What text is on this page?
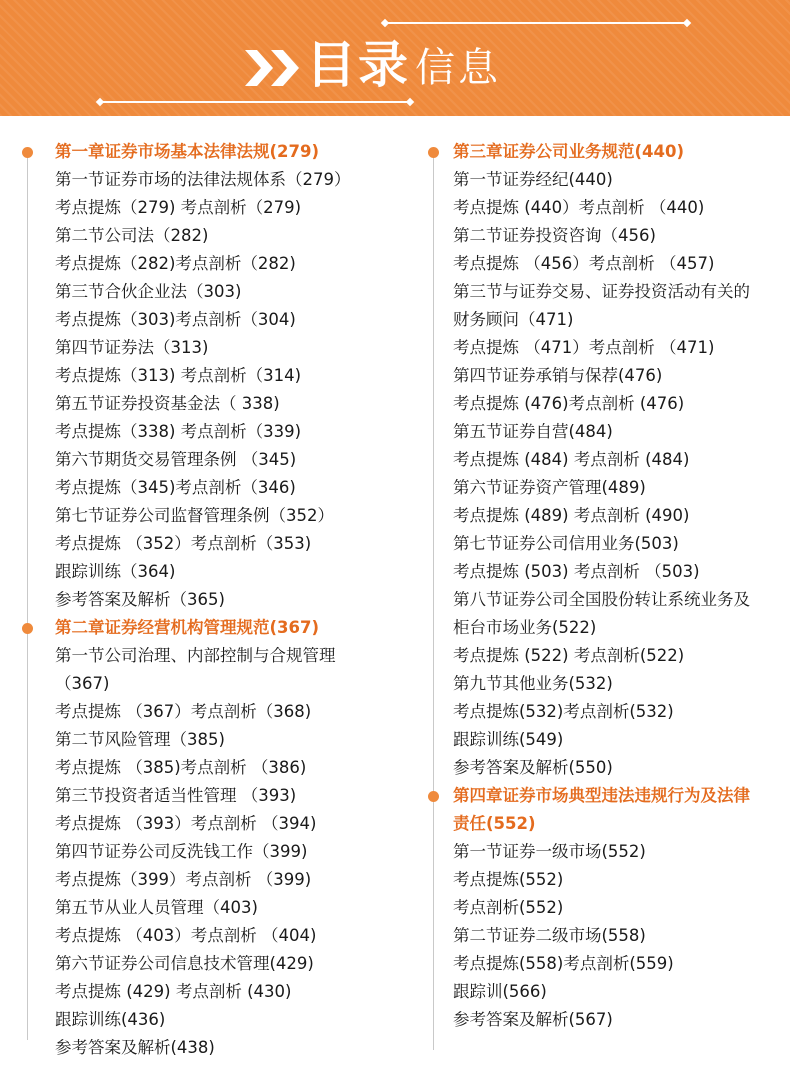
目录 信息
第一章证券市场基本法律法规(279)
第一节证券市场的法律法规体系（279）
考点提炼（279) 考点剖析（279)
第二节公司法（282)
考点提炼（282)考点剖析（282)
第三节合伙企业法（303)
考点提炼（303)考点剖析（304)
第四节证券法（313)
考点提炼（313) 考点剖析（314)
第五节证券投资基金法（ 338)
考点提炼（338) 考点剖析（339)
第六节期货交易管理条例 （345)
考点提炼（345)考点剖析（346)
第七节证券公司监督管理条例（352）
考点提炼 （352）考点剖析（353)
跟踪训练（364)
参考答案及解析（365)
第二章证券经营机构管理规范(367)
第一节公司治理、内部控制与合规管理
（367)
考点提炼 （367）考点剖析（368)
第二节风险管理（385)
考点提炼 （385)考点剖析 （386)
第三节投资者适当性管理 （393)
考点提炼 （393）考点剖析 （394)
第四节证券公司反洗钱工作（399)
考点提炼（399）考点剖析 （399)
第五节从业人员管理（403)
考点提炼 （403）考点剖析 （404)
第六节证券公司信息技术管理(429)
考点提炼 (429) 考点剖析 (430)
跟踪训练(436)
参考答案及解析(438)
第三章证券公司业务规范(440)
第一节证券经纪(440)
考点提炼 (440）考点剖析 （440)
第二节证券投资咨询（456)
考点提炼 （456）考点剖析 （457)
第三节与证券交易、证券投资活动有关的
财务顾问（471)
考点提炼 （471）考点剖析 （471)
第四节证券承销与保荐(476)
考点提炼 (476)考点剖析 (476)
第五节证券自营(484)
考点提炼 (484) 考点剖析 (484)
第六节证券资产管理(489)
考点提炼 (489) 考点剖析 (490)
第七节证券公司信用业务(503)
考点提炼 (503) 考点剖析 （503)
第八节证券公司全国股份转让系统业务及
柜台市场业务(522)
考点提炼 (522) 考点剖析(522)
第九节其他业务(532)
考点提炼(532)考点剖析(532)
跟踪训练(549)
参考答案及解析(550)
第四章证券市场典型违法违规行为及法律
责任(552)
第一节证券一级市场(552)
考点提炼(552)
考点剖析(552)
第二节证券二级市场(558)
考点提炼(558)考点剖析(559)
跟踪训(566)
参考答案及解析(567)
